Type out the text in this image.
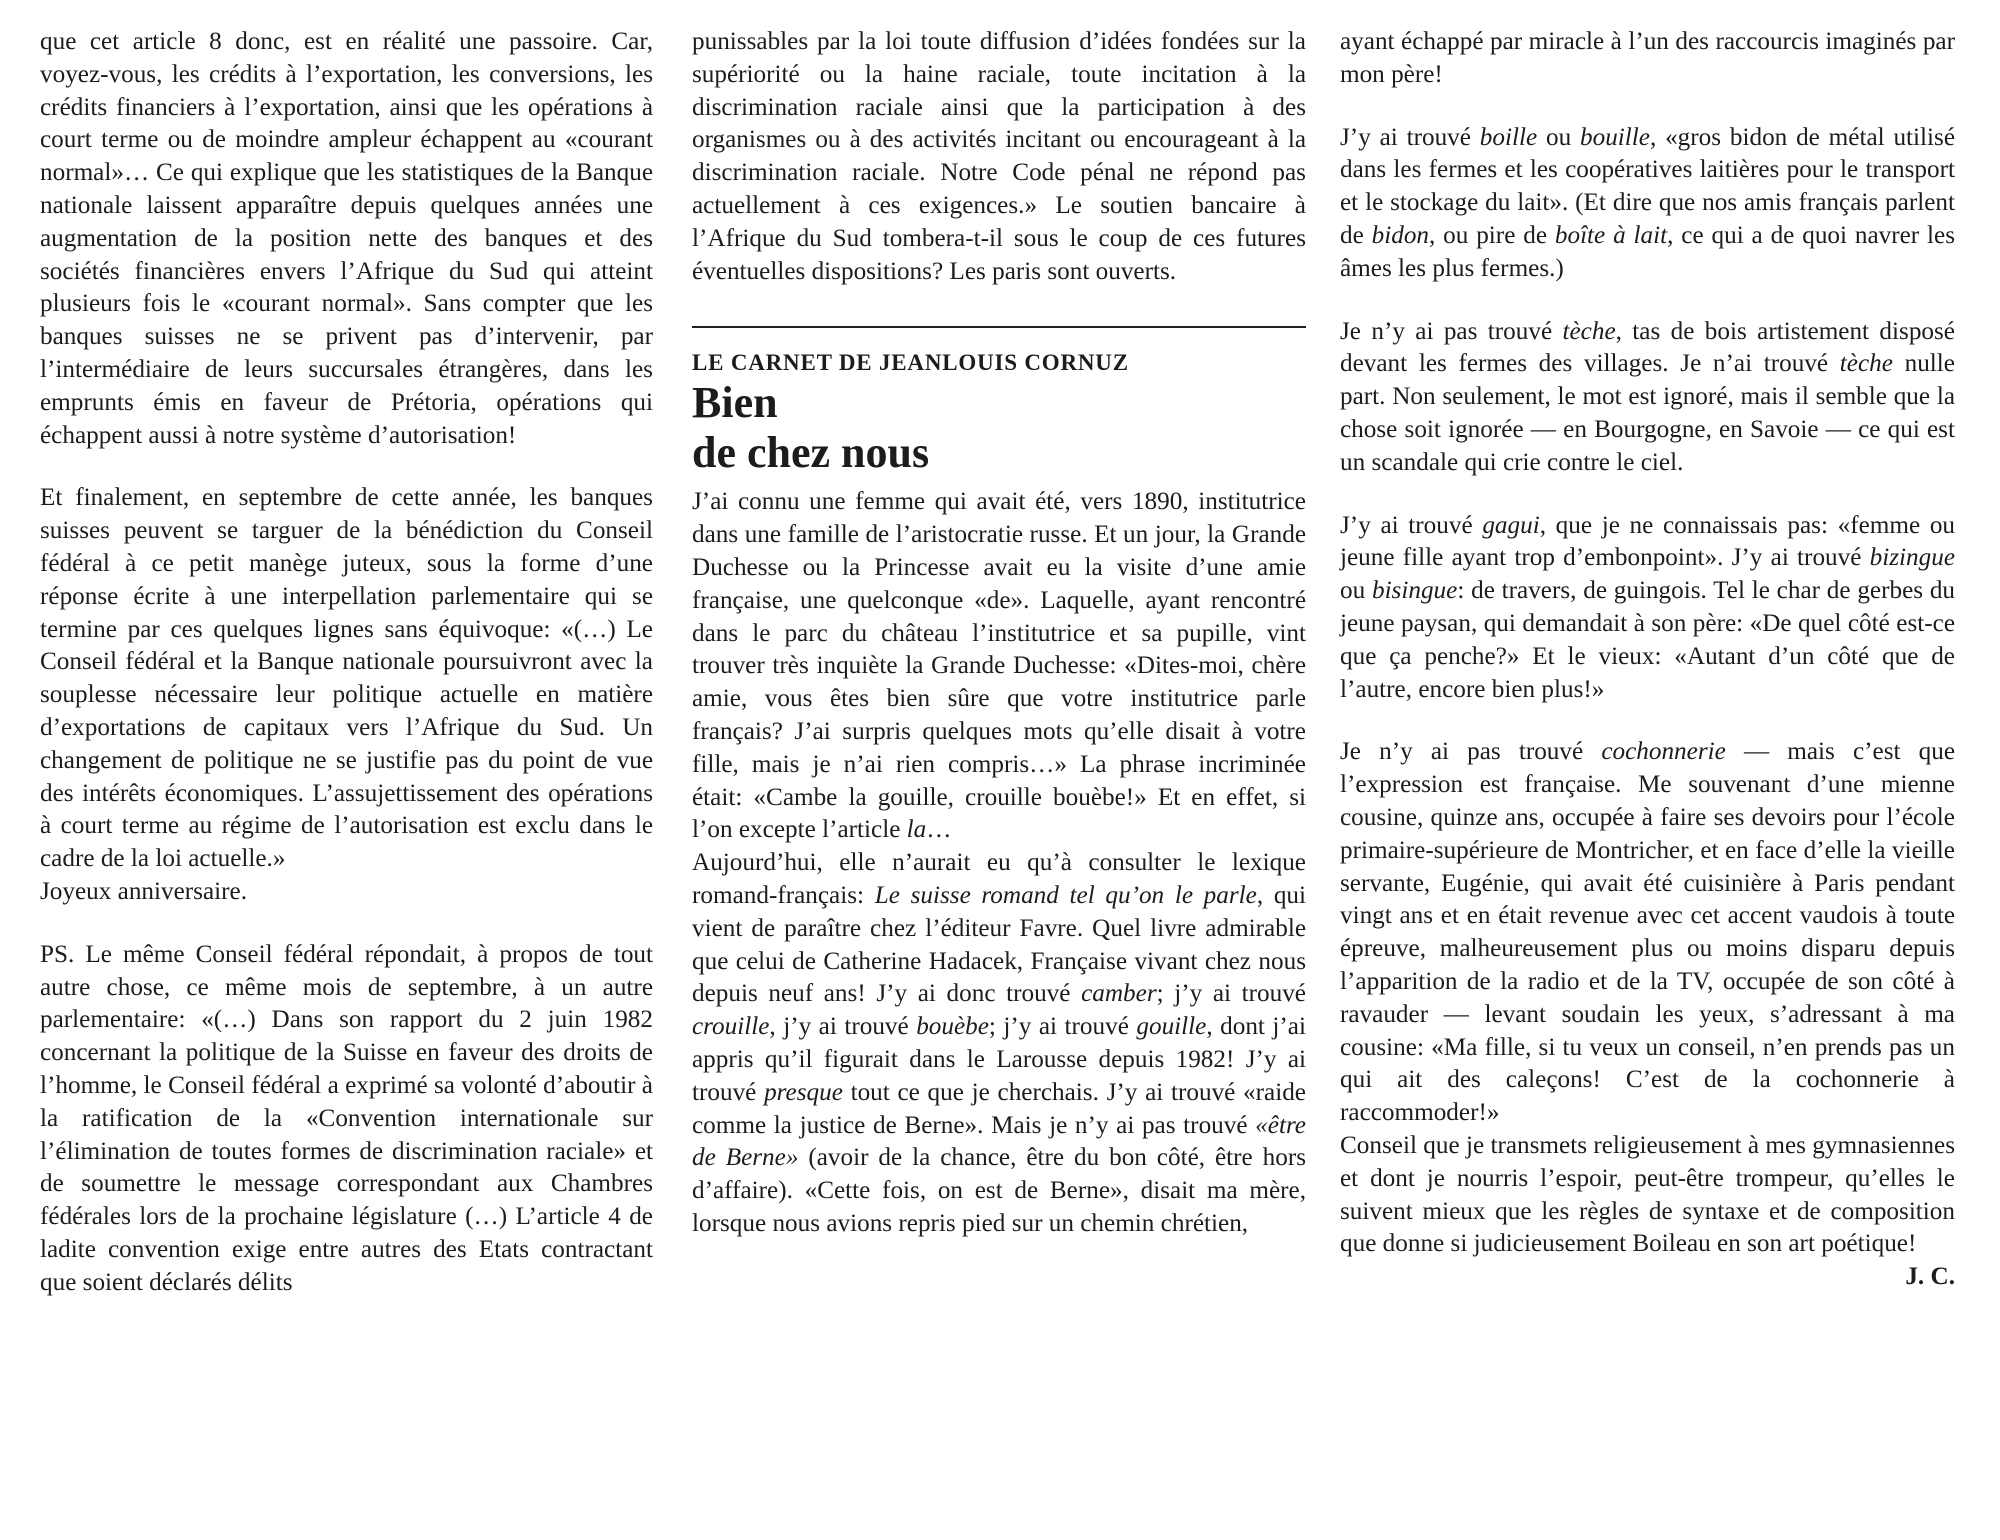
que cet article 8 donc, est en réalité une passoire. Car, voyez-vous, les crédits à l’exportation, les conversions, les crédits financiers à l’exportation, ainsi que les opérations à court terme ou de moindre ampleur échappent au «courant normal»… Ce qui explique que les statistiques de la Banque nationale laissent apparaître depuis quelques années une augmentation de la position nette des banques et des sociétés financières envers l’Afrique du Sud qui atteint plusieurs fois le «courant normal». Sans compter que les banques suisses ne se privent pas d’intervenir, par l’intermédiaire de leurs succursales étrangères, dans les emprunts émis en faveur de Prétoria, opérations qui échappent aussi à notre système d’autorisation!

Et finalement, en septembre de cette année, les banques suisses peuvent se targuer de la bénédiction du Conseil fédéral à ce petit manège juteux, sous la forme d’une réponse écrite à une interpellation parlementaire qui se termine par ces quelques lignes sans équivoque: «(…) Le Conseil fédéral et la Banque nationale poursuivront avec la souplesse nécessaire leur politique actuelle en matière d’exportations de capitaux vers l’Afrique du Sud. Un changement de politique ne se justifie pas du point de vue des intérêts économiques. L’assujettissement des opérations à court terme au régime de l’autorisation est exclu dans le cadre de la loi actuelle.»

Joyeux anniversaire.

PS. Le même Conseil fédéral répondait, à propos de tout autre chose, ce même mois de septembre, à un autre parlementaire: «(…) Dans son rapport du 2 juin 1982 concernant la politique de la Suisse en faveur des droits de l’homme, le Conseil fédéral a exprimé sa volonté d’aboutir à la ratification de la «Convention internationale sur l’élimination de toutes formes de discrimination raciale» et de soumettre le message correspondant aux Chambres fédérales lors de la prochaine législature (…) L’article 4 de ladite convention exige entre autres des Etats contractant que soient déclarés délits

punissables par la loi toute diffusion d’idées fondées sur la supériorité ou la haine raciale, toute incitation à la discrimination raciale ainsi que la participation à des organismes ou à des activités incitant ou encourageant à la discrimination raciale. Notre Code pénal ne répond pas actuellement à ces exigences.» Le soutien bancaire à l’Afrique du Sud tombera-t-il sous le coup de ces futures éventuelles dispositions? Les paris sont ouverts.

LE CARNET DE JEANLOUIS CORNUZ

Bien
de chez nous

J’ai connu une femme qui avait été, vers 1890, institutrice dans une famille de l’aristocratie russe. Et un jour, la Grande Duchesse ou la Princesse avait eu la visite d’une amie française, une quelconque «de». Laquelle, ayant rencontré dans le parc du château l’institutrice et sa pupille, vint trouver très inquiète la Grande Duchesse: «Dites-moi, chère amie, vous êtes bien sûre que votre institutrice parle français? J’ai surpris quelques mots qu’elle disait à votre fille, mais je n’ai rien compris…» La phrase incriminée était: «Cambe la gouille, crouille bouèbe!» Et en effet, si l’on excepte l’article la…

Aujourd’hui, elle n’aurait eu qu’à consulter le lexique romand-français: Le suisse romand tel qu’on le parle, qui vient de paraître chez l’éditeur Favre. Quel livre admirable que celui de Catherine Hadacek, Française vivant chez nous depuis neuf ans! J’y ai donc trouvé camber; j’y ai trouvé crouille, j’y ai trouvé bouèbe; j’y ai trouvé gouille, dont j’ai appris qu’il figurait dans le Larousse depuis 1982! J’y ai trouvé presque tout ce que je cherchais. J’y ai trouvé «raide comme la justice de Berne». Mais je n’y ai pas trouvé «être de Berne» (avoir de la chance, être du bon côté, être hors d’affaire). «Cette fois, on est de Berne», disait ma mère, lorsque nous avions repris pied sur un chemin chrétien,

ayant échappé par miracle à l’un des raccourcis imaginés par mon père!

J’y ai trouvé boille ou bouille, «gros bidon de métal utilisé dans les fermes et les coopératives laitières pour le transport et le stockage du lait». (Et dire que nos amis français parlent de bidon, ou pire de boîte à lait, ce qui a de quoi navrer les âmes les plus fermes.)

Je n’y ai pas trouvé tèche, tas de bois artistement disposé devant les fermes des villages. Je n’ai trouvé tèche nulle part. Non seulement, le mot est ignoré, mais il semble que la chose soit ignorée — en Bourgogne, en Savoie — ce qui est un scandale qui crie contre le ciel.

J’y ai trouvé gagui, que je ne connaissais pas: «femme ou jeune fille ayant trop d’embonpoint». J’y ai trouvé bizingue ou bisingue: de travers, de guingois. Tel le char de gerbes du jeune paysan, qui demandait à son père: «De quel côté est-ce que ça penche?» Et le vieux: «Autant d’un côté que de l’autre, encore bien plus!»

Je n’y ai pas trouvé cochonnerie — mais c’est que l’expression est française. Me souvenant d’une mienne cousine, quinze ans, occupée à faire ses devoirs pour l’école primaire-supérieure de Montricher, et en face d’elle la vieille servante, Eugénie, qui avait été cuisinière à Paris pendant vingt ans et en était revenue avec cet accent vaudois à toute épreuve, malheureusement plus ou moins disparu depuis l’apparition de la radio et de la TV, occupée de son côté à ravauder — levant soudain les yeux, s’adressant à ma cousine: «Ma fille, si tu veux un conseil, n’en prends pas un qui ait des caleçons! C’est de la cochonnerie à raccommoder!»

Conseil que je transmets religieusement à mes gymnasiennes et dont je nourris l’espoir, peut-être trompeur, qu’elles le suivent mieux que les règles de syntaxe et de composition que donne si judicieusement Boileau en son art poétique!

J. C.
